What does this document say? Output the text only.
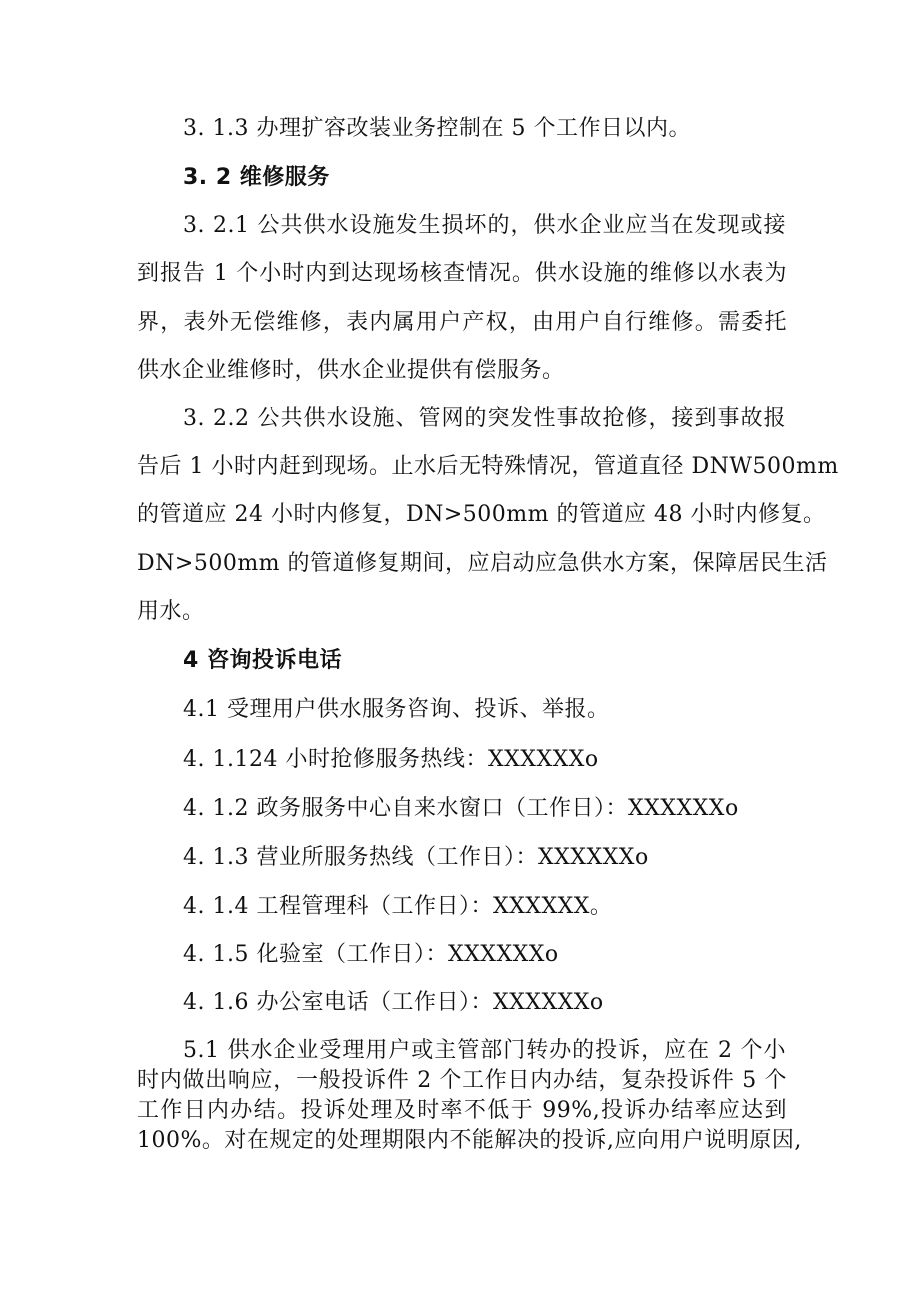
3. 1.3 办理扩容改装业务控制在 5 个工作日以内。
3. 2 维修服务
3. 2.1 公共供水设施发生损坏的，供水企业应当在发现或接
到报告 1 个小时内到达现场核查情况。供水设施的维修以水表为
界，表外无偿维修，表内属用户产权，由用户自行维修。需委托
供水企业维修时，供水企业提供有偿服务。
3. 2.2 公共供水设施、管网的突发性事故抢修，接到事故报
告后 1 小时内赶到现场。止水后无特殊情况，管道直径 DNW500mm
的管道应 24 小时内修复，DN>500mm 的管道应 48 小时内修复。
DN>500mm 的管道修复期间，应启动应急供水方案，保障居民生活
用水。
4 咨询投诉电话
4.1 受理用户供水服务咨询、投诉、举报。
4. 1.124 小时抢修服务热线：XXXXXXo
4. 1.2 政务服务中心自来水窗口（工作日）：XXXXXXo
4. 1.3 营业所服务热线（工作日）：XXXXXXo
4. 1.4 工程管理科（工作日）：XXXXXX。
4. 1.5 化验室（工作日）：XXXXXXo
4. 1.6 办公室电话（工作日）：XXXXXXo
5.1 供水企业受理用户或主管部门转办的投诉，应在 2 个小
时内做出响应，一般投诉件 2 个工作日内办结，复杂投诉件 5 个
工作日内办结。投诉处理及时率不低于 99%,投诉办结率应达到
100%。对在规定的处理期限内不能解决的投诉,应向用户说明原因,
